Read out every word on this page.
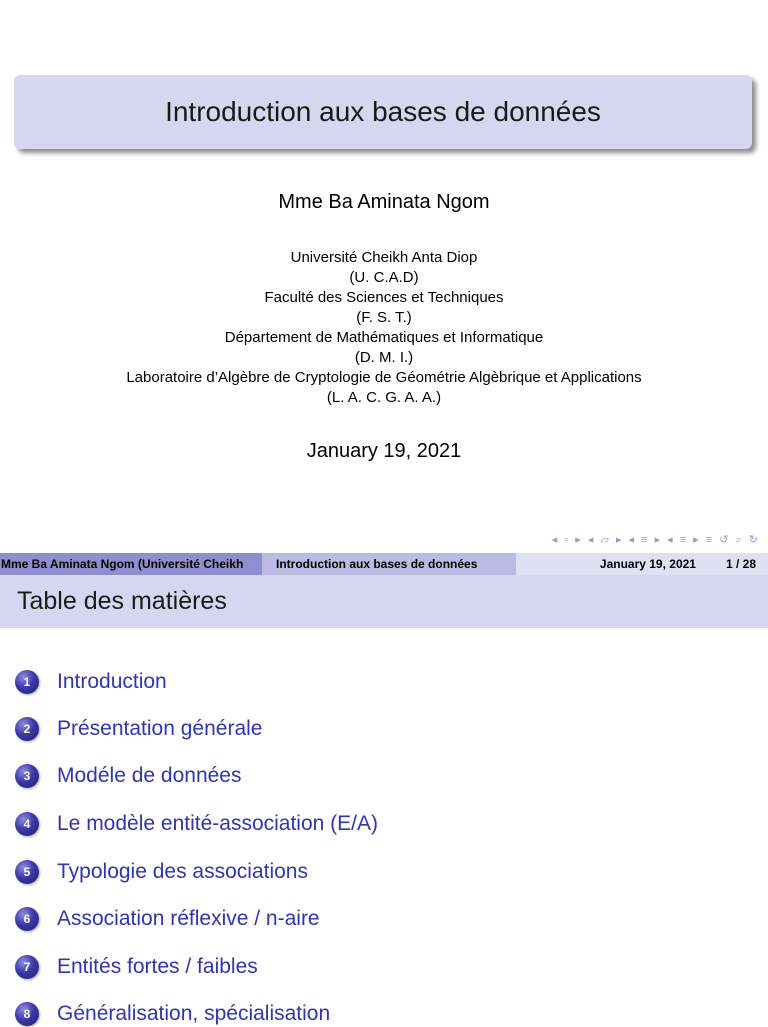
Introduction aux bases de données
Mme Ba Aminata Ngom
Université Cheikh Anta Diop
(U. C.A.D)
Faculté des Sciences et Techniques
(F. S. T.)
Département de Mathématiques et Informatique
(D. M. I.)
Laboratoire d’Algèbre de Cryptologie de Géométrie Algèbrique et Applications
(L. A. C. G. A. A.)
January 19, 2021
◂ ▫ ▸ ◂ ▱ ▸ ◂ ≡ ▸ ◂ ≡ ▸ ≡ ↺ ⌕ ↻
Mme Ba Aminata Ngom (Université Cheikh	Introduction aux bases de données	January 19, 2021	1 / 28
Table des matières
1	Introduction
2	Présentation générale
3	Modéle de données
4	Le modèle entité-association (E/A)
5	Typologie des associations
6	Association réflexive / n-aire
7	Entités fortes / faibles
8	Généralisation, spécialisation
